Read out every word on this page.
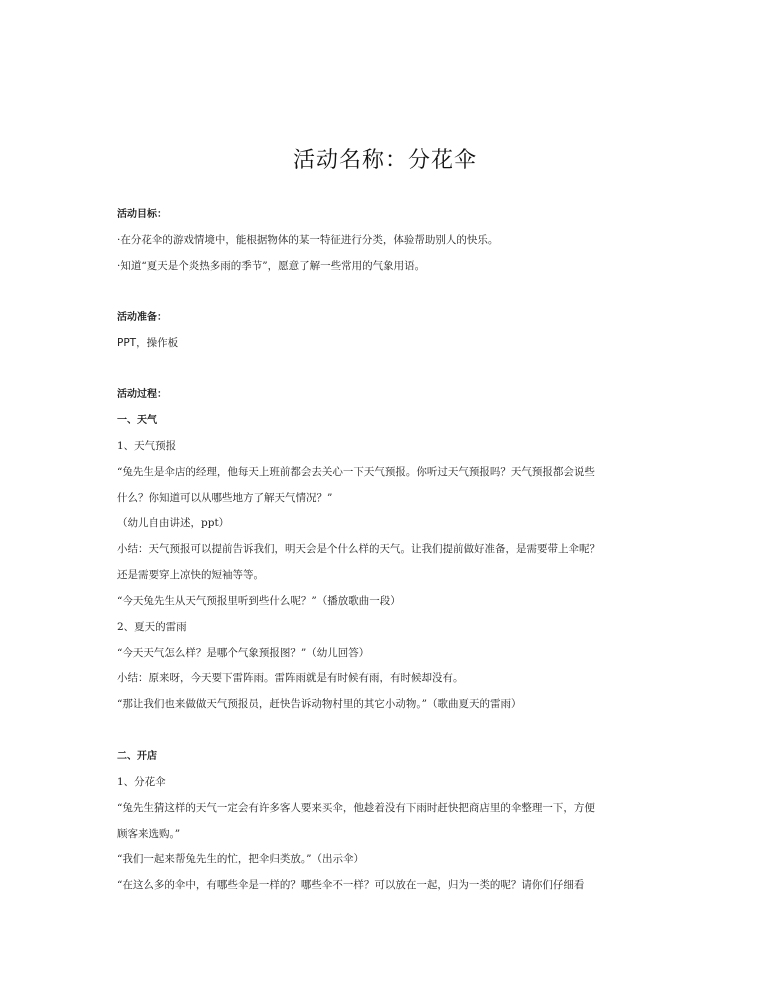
活动名称：分花伞
活动目标：
·在分花伞的游戏情境中，能根据物体的某一特征进行分类，体验帮助别人的快乐。
·知道“夏天是个炎热多雨的季节”，愿意了解一些常用的气象用语。
活动准备：
PPT，操作板
活动过程：
一、天气
1、天气预报
“兔先生是伞店的经理，他每天上班前都会去关心一下天气预报。你听过天气预报吗？天气预报都会说些
什么？你知道可以从哪些地方了解天气情况？”
（幼儿自由讲述，ppt）
小结：天气预报可以提前告诉我们，明天会是个什么样的天气。让我们提前做好准备，是需要带上伞呢？
还是需要穿上凉快的短袖等等。
“今天兔先生从天气预报里听到些什么呢？”（播放歌曲一段）
2、夏天的雷雨
“今天天气怎么样？是哪个气象预报图？”（幼儿回答）
小结：原来呀，今天要下雷阵雨。雷阵雨就是有时候有雨，有时候却没有。
“那让我们也来做做天气预报员，赶快告诉动物村里的其它小动物。”（歌曲夏天的雷雨）
二、开店
1、分花伞
“兔先生猜这样的天气一定会有许多客人要来买伞，他趁着没有下雨时赶快把商店里的伞整理一下，方便
顾客来选购。”
“我们一起来帮兔先生的忙，把伞归类放。”（出示伞）
“在这么多的伞中，有哪些伞是一样的？哪些伞不一样？可以放在一起，归为一类的呢？请你们仔细看
